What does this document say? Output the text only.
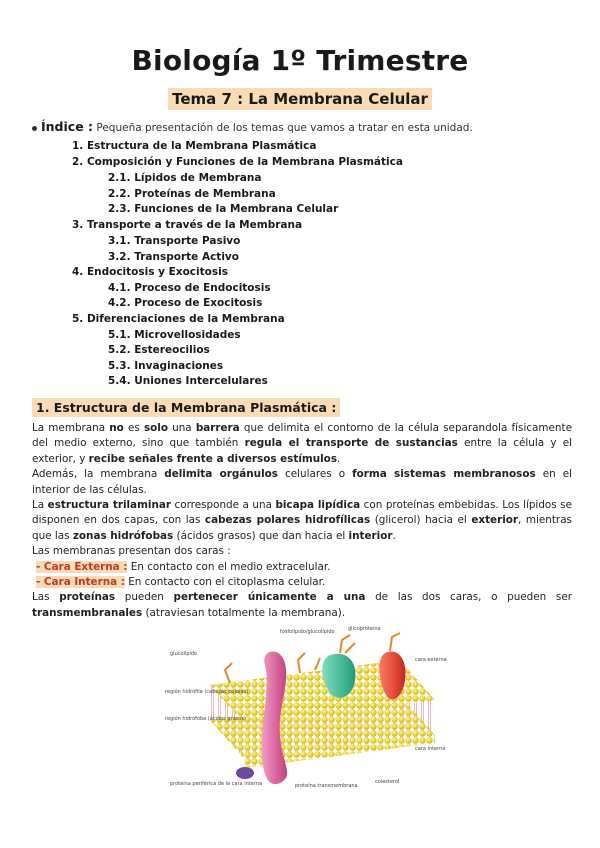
Biología 1º Trimestre
Tema 7 : La Membrana Celular
Índice : Pequeña presentación de los temas que vamos a tratar en esta unidad.
1. Estructura de la Membrana Plasmática
2. Composición y Funciones de la Membrana Plasmática
2.1. Lípidos de Membrana
2.2. Proteínas de Membrana
2.3. Funciones de la Membrana Celular
3. Transporte a través de la Membrana
3.1. Transporte Pasivo
3.2. Transporte Activo
4. Endocitosis y Exocitosis
4.1. Proceso de Endocitosis
4.2. Proceso de Exocitosis
5. Diferenciaciones de la Membrana
5.1. Microvellosidades
5.2. Estereocilios
5.3. Invaginaciones
5.4. Uniones Intercelulares
1. Estructura de la Membrana Plasmática :

La membrana no es solo una barrera que delimita el contorno de la célula separandola físicamente del medio externo, sino que también regula el transporte de sustancias entre la célula y el exterior, y recibe señales frente a diversos estímulos.

Además, la membrana delimita orgánulos celulares o forma sistemas membranosos en el interior de las células.

La estructura trilaminar corresponde a una bicapa lipídica con proteínas embebidas. Los lípidos se disponen en dos capas, con las cabezas polares hidrofílicas (glicerol) hacia el exterior, mientras que las zonas hidrófobas (ácidos grasos) que dan hacia el interior.

Las membranas presentan dos caras :

- Cara Externa : En contacto con el medio extracelular.

- Cara Interna : En contacto con el citoplasma celular.

Las proteínas pueden pertenecer únicamente a una de las dos caras, o pueden ser transmembranales (atraviesan totalmente la membrana).

glucolípido
fosfolípido/glucolípido	glicoproteína
cara externa
región hidrófila (cabezas polares)
región hidrófoba (ácidos grasos)
cara interna
proteína periférica de la cara interna	proteína transmembrana
colesterol
